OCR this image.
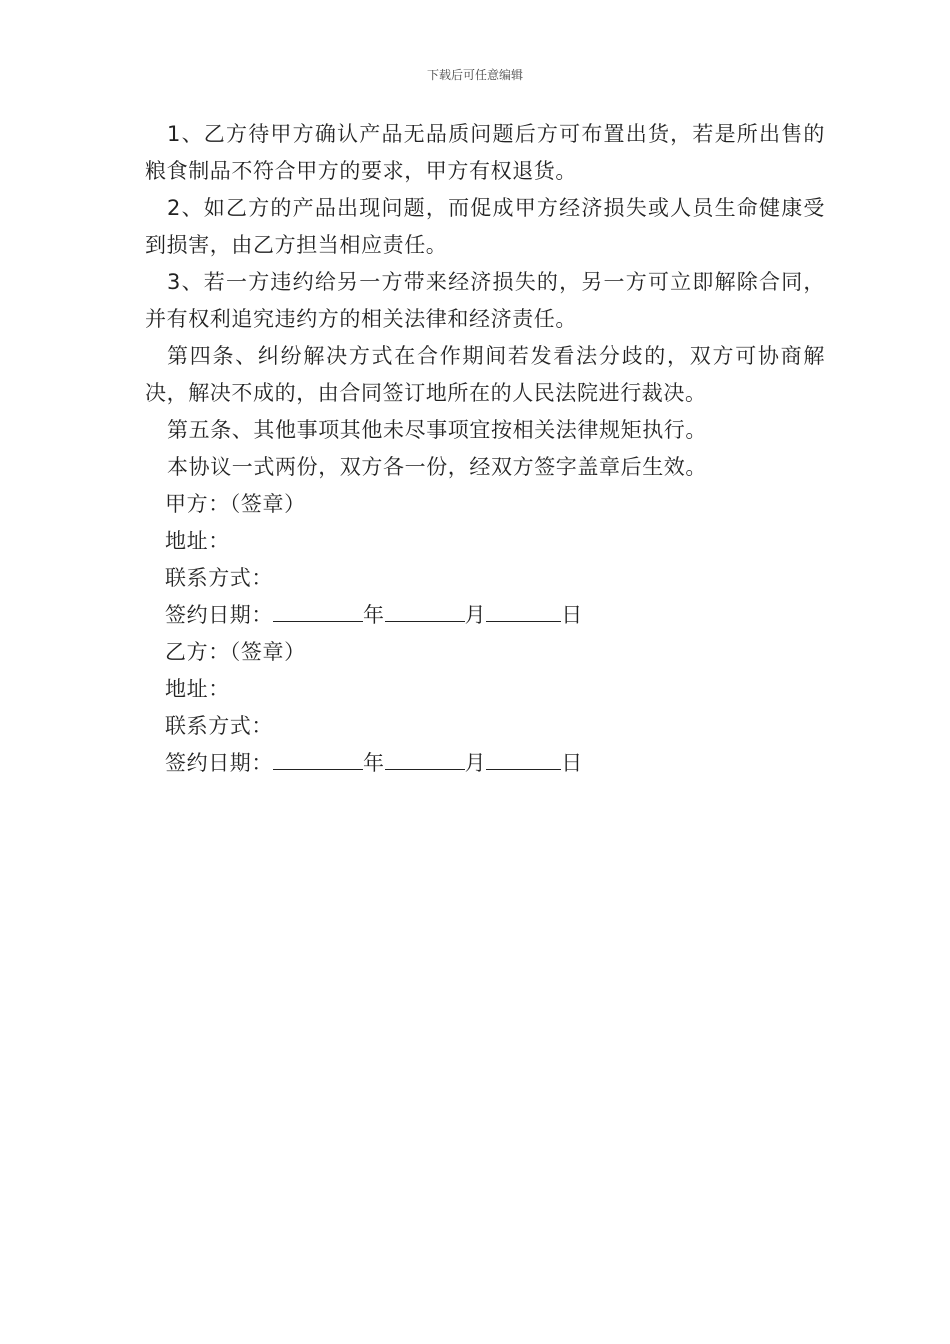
下载后可任意编辑

1、乙方待甲方确认产品无品质问题后方可布置出货，若是所出售的粮食制品不符合甲方的要求，甲方有权退货。

2、如乙方的产品出现问题，而促成甲方经济损失或人员生命健康受到损害，由乙方担当相应责任。

3、若一方违约给另一方带来经济损失的，另一方可立即解除合同，并有权利追究违约方的相关法律和经济责任。

第四条、纠纷解决方式在合作期间若发看法分歧的，双方可协商解决，解决不成的，由合同签订地所在的人民法院进行裁决。

第五条、其他事项其他未尽事项宜按相关法律规矩执行。

本协议一式两份，双方各一份，经双方签字盖章后生效。

甲方：（签章）

地址：

联系方式：

签约日期：	年	月	日

乙方：（签章）

地址：

联系方式：

签约日期：	年	月	日
